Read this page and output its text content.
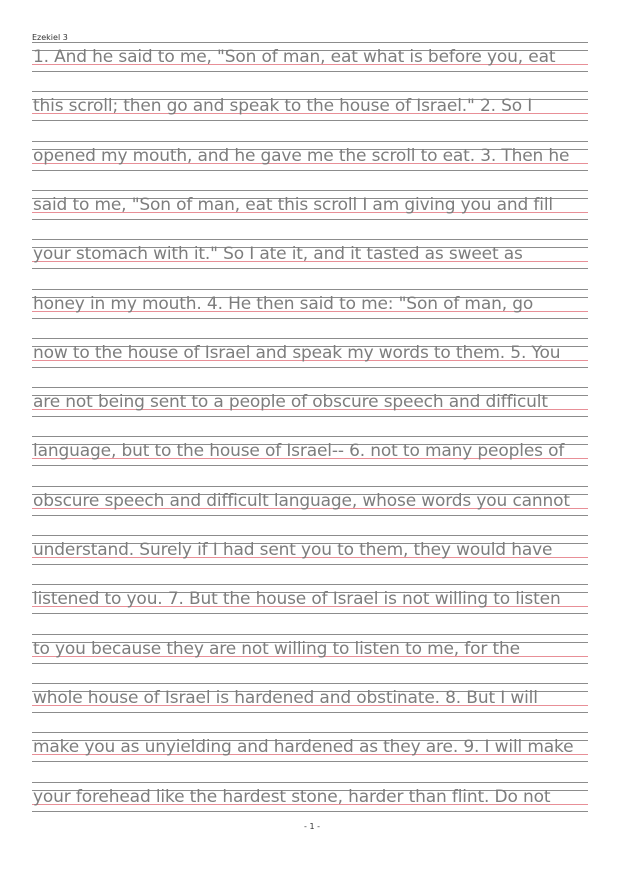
Ezekiel 3
1. And he said to me, "Son of man, eat what is before you, eat
this scroll; then go and speak to the house of Israel." 2. So I
opened my mouth, and he gave me the scroll to eat. 3. Then he
said to me, "Son of man, eat this scroll I am giving you and fill
your stomach with it." So I ate it, and it tasted as sweet as
honey in my mouth. 4. He then said to me: "Son of man, go
now to the house of Israel and speak my words to them. 5. You
are not being sent to a people of obscure speech and difficult
language, but to the house of Israel-- 6. not to many peoples of
obscure speech and difficult language, whose words you cannot
understand. Surely if I had sent you to them, they would have
listened to you. 7. But the house of Israel is not willing to listen
to you because they are not willing to listen to me, for the
whole house of Israel is hardened and obstinate. 8. But I will
make you as unyielding and hardened as they are. 9. I will make
your forehead like the hardest stone, harder than flint. Do not
- 1 -
